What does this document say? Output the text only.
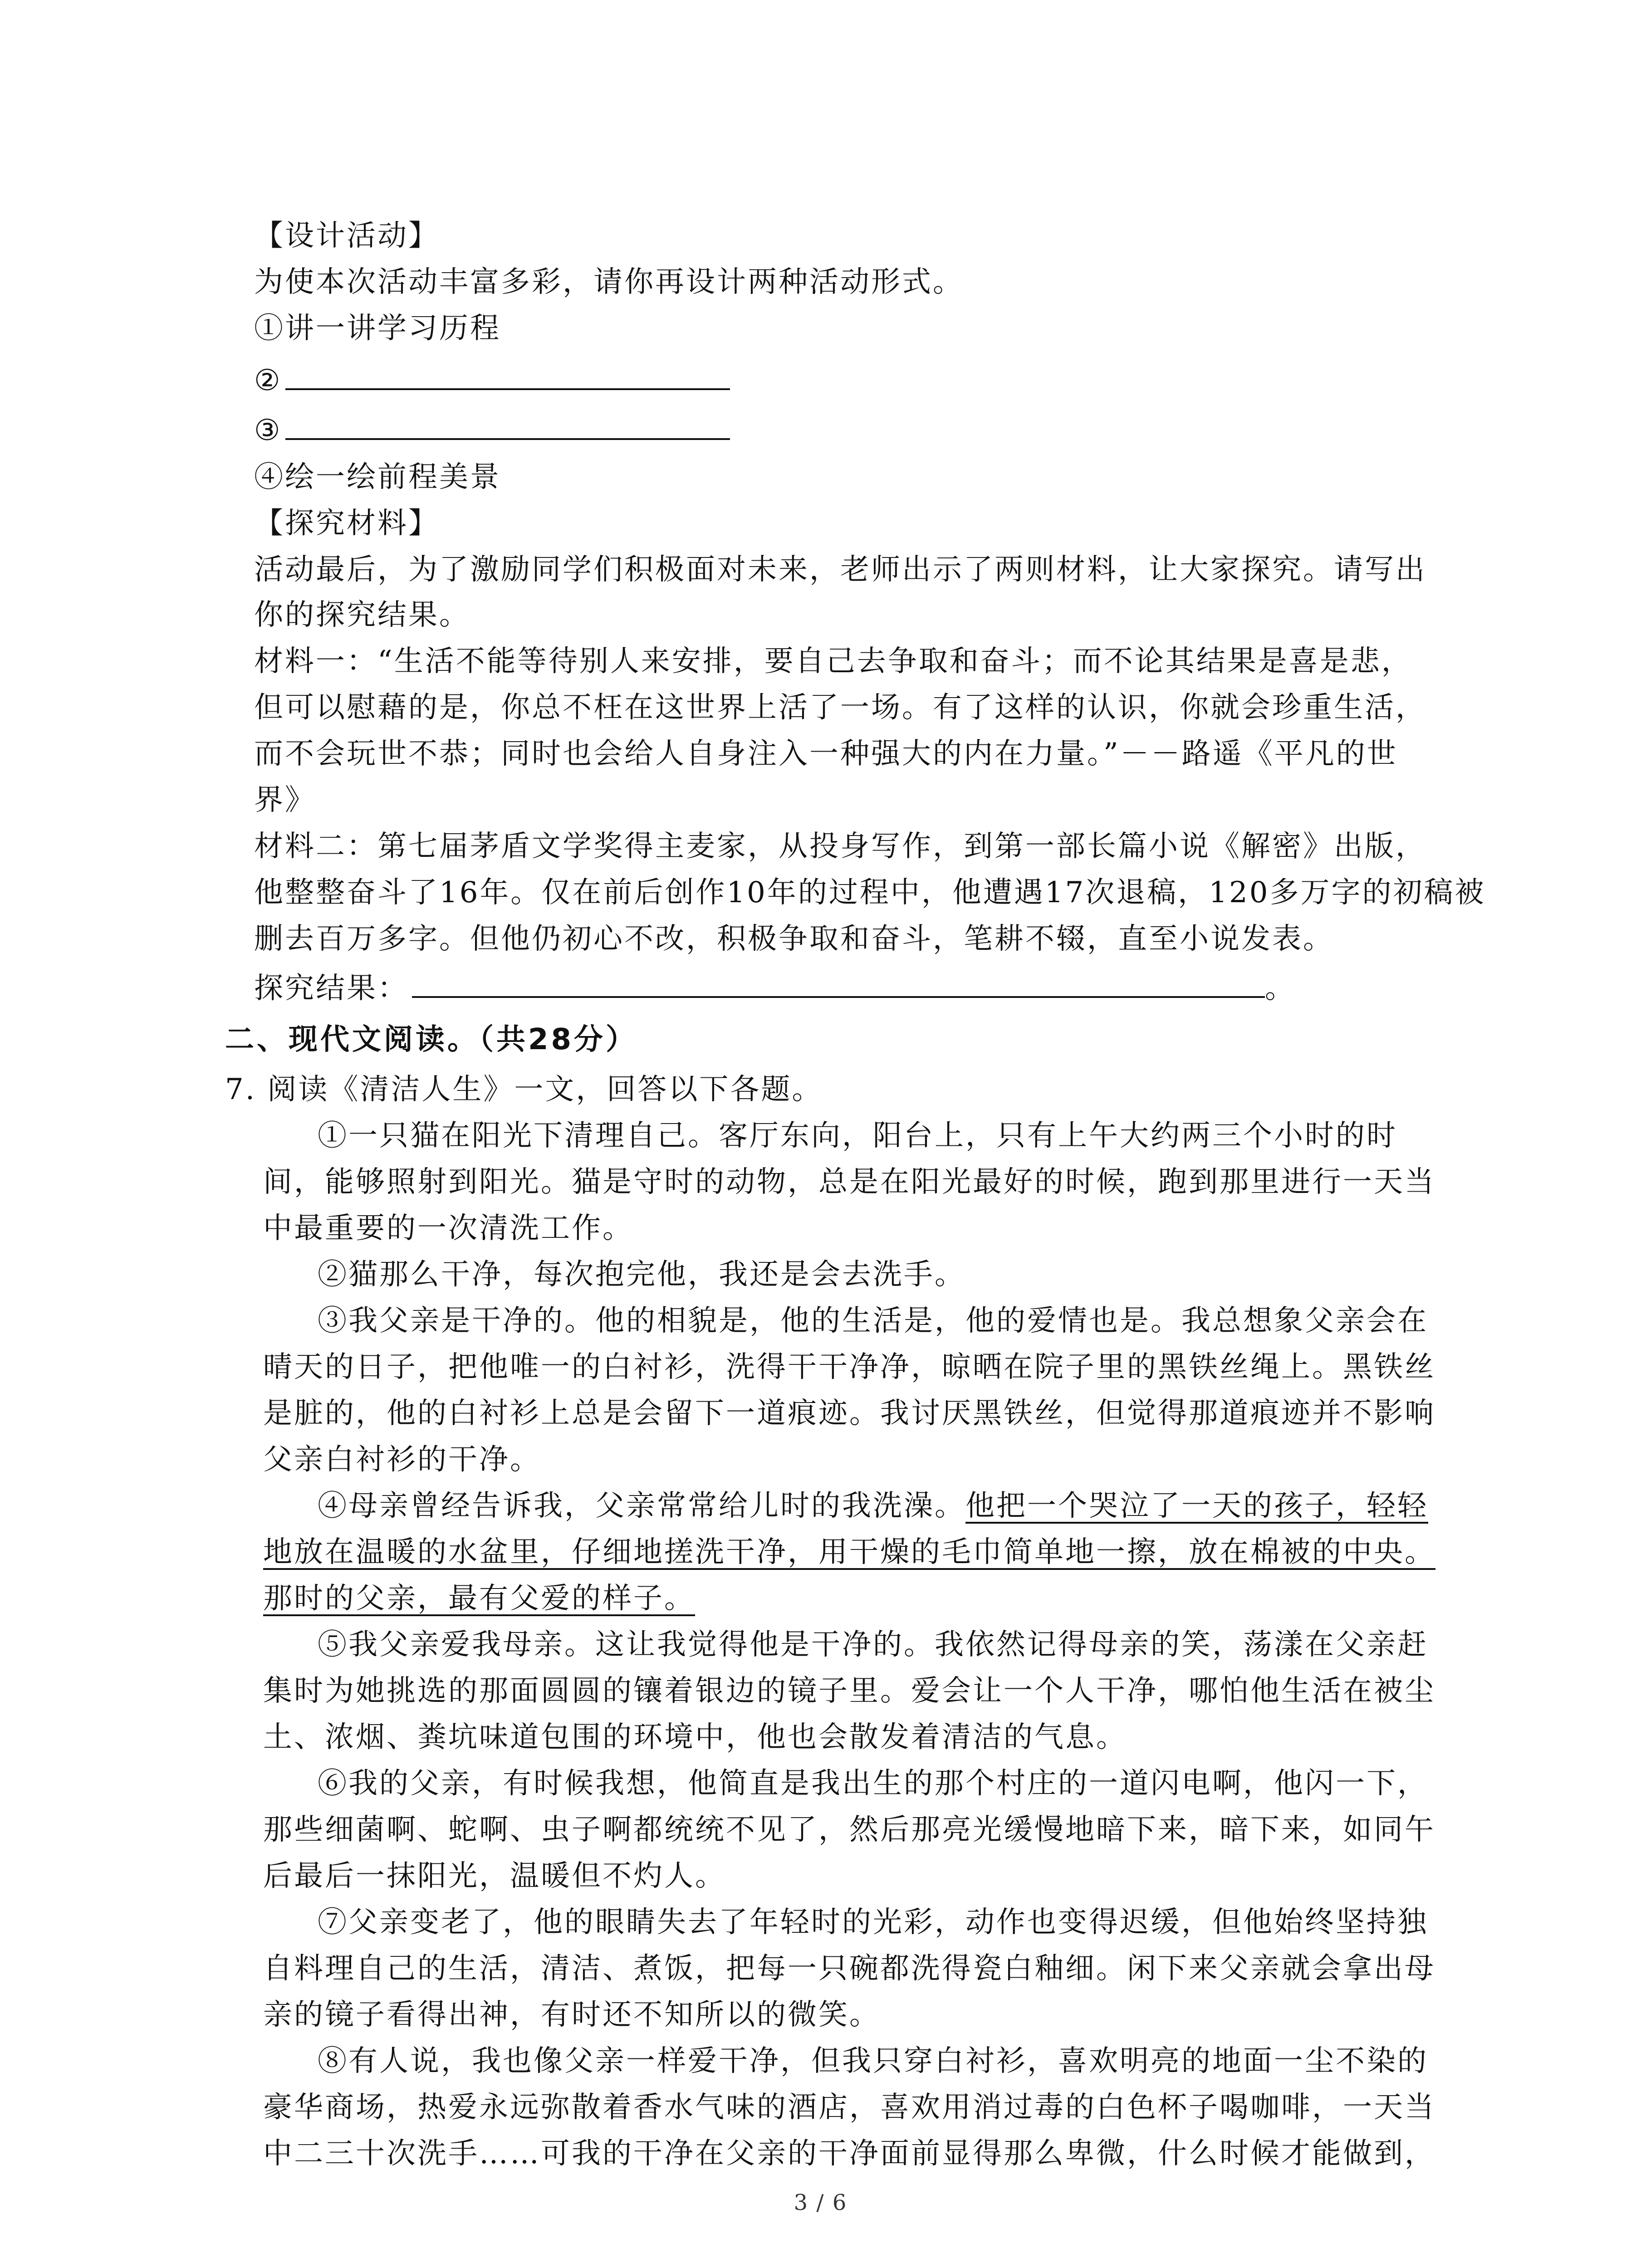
【设计活动】

为使本次活动丰富多彩，请你再设计两种活动形式。

①讲一讲学习历程

②

③

④绘一绘前程美景

【探究材料】

活动最后，为了激励同学们积极面对未来，老师出示了两则材料，让大家探究。请写出

你的探究结果。

材料一：“生活不能等待别人来安排，要自己去争取和奋斗；而不论其结果是喜是悲，

但可以慰藉的是，你总不枉在这世界上活了一场。有了这样的认识，你就会珍重生活，

而不会玩世不恭；同时也会给人自身注入一种强大的内在力量。”－－路遥《平凡的世

界》

材料二：第七届茅盾文学奖得主麦家，从投身写作，到第一部长篇小说《解密》出版，

他整整奋斗了16年。仅在前后创作10年的过程中，他遭遇17次退稿，120多万字的初稿被

删去百万多字。但他仍初心不改，积极争取和奋斗，笔耕不辍，直至小说发表。

探究结果：	。

二、现代文阅读。（共28分）

7. 阅读《清洁人生》一文，回答以下各题。

①一只猫在阳光下清理自己。客厅东向，阳台上，只有上午大约两三个小时的时

间，能够照射到阳光。猫是守时的动物，总是在阳光最好的时候，跑到那里进行一天当

中最重要的一次清洗工作。

②猫那么干净，每次抱完他，我还是会去洗手。

③我父亲是干净的。他的相貌是，他的生活是，他的爱情也是。我总想象父亲会在

晴天的日子，把他唯一的白衬衫，洗得干干净净，晾晒在院子里的黑铁丝绳上。黑铁丝

是脏的，他的白衬衫上总是会留下一道痕迹。我讨厌黑铁丝，但觉得那道痕迹并不影响

父亲白衬衫的干净。

④母亲曾经告诉我，父亲常常给儿时的我洗澡。他把一个哭泣了一天的孩子，轻轻

地放在温暖的水盆里，仔细地搓洗干净，用干燥的毛巾简单地一擦，放在棉被的中央。

那时的父亲，最有父爱的样子。

⑤我父亲爱我母亲。这让我觉得他是干净的。我依然记得母亲的笑，荡漾在父亲赶

集时为她挑选的那面圆圆的镶着银边的镜子里。爱会让一个人干净，哪怕他生活在被尘

土、浓烟、粪坑味道包围的环境中，他也会散发着清洁的气息。

⑥我的父亲，有时候我想，他简直是我出生的那个村庄的一道闪电啊，他闪一下，

那些细菌啊、蛇啊、虫子啊都统统不见了，然后那亮光缓慢地暗下来，暗下来，如同午

后最后一抹阳光，温暖但不灼人。

⑦父亲变老了，他的眼睛失去了年轻时的光彩，动作也变得迟缓，但他始终坚持独

自料理自己的生活，清洁、煮饭，把每一只碗都洗得瓷白釉细。闲下来父亲就会拿出母

亲的镜子看得出神，有时还不知所以的微笑。

⑧有人说，我也像父亲一样爱干净，但我只穿白衬衫，喜欢明亮的地面一尘不染的

豪华商场，热爱永远弥散着香水气味的酒店，喜欢用消过毒的白色杯子喝咖啡，一天当

中二三十次洗手……可我的干净在父亲的干净面前显得那么卑微，什么时候才能做到，

3 / 6
